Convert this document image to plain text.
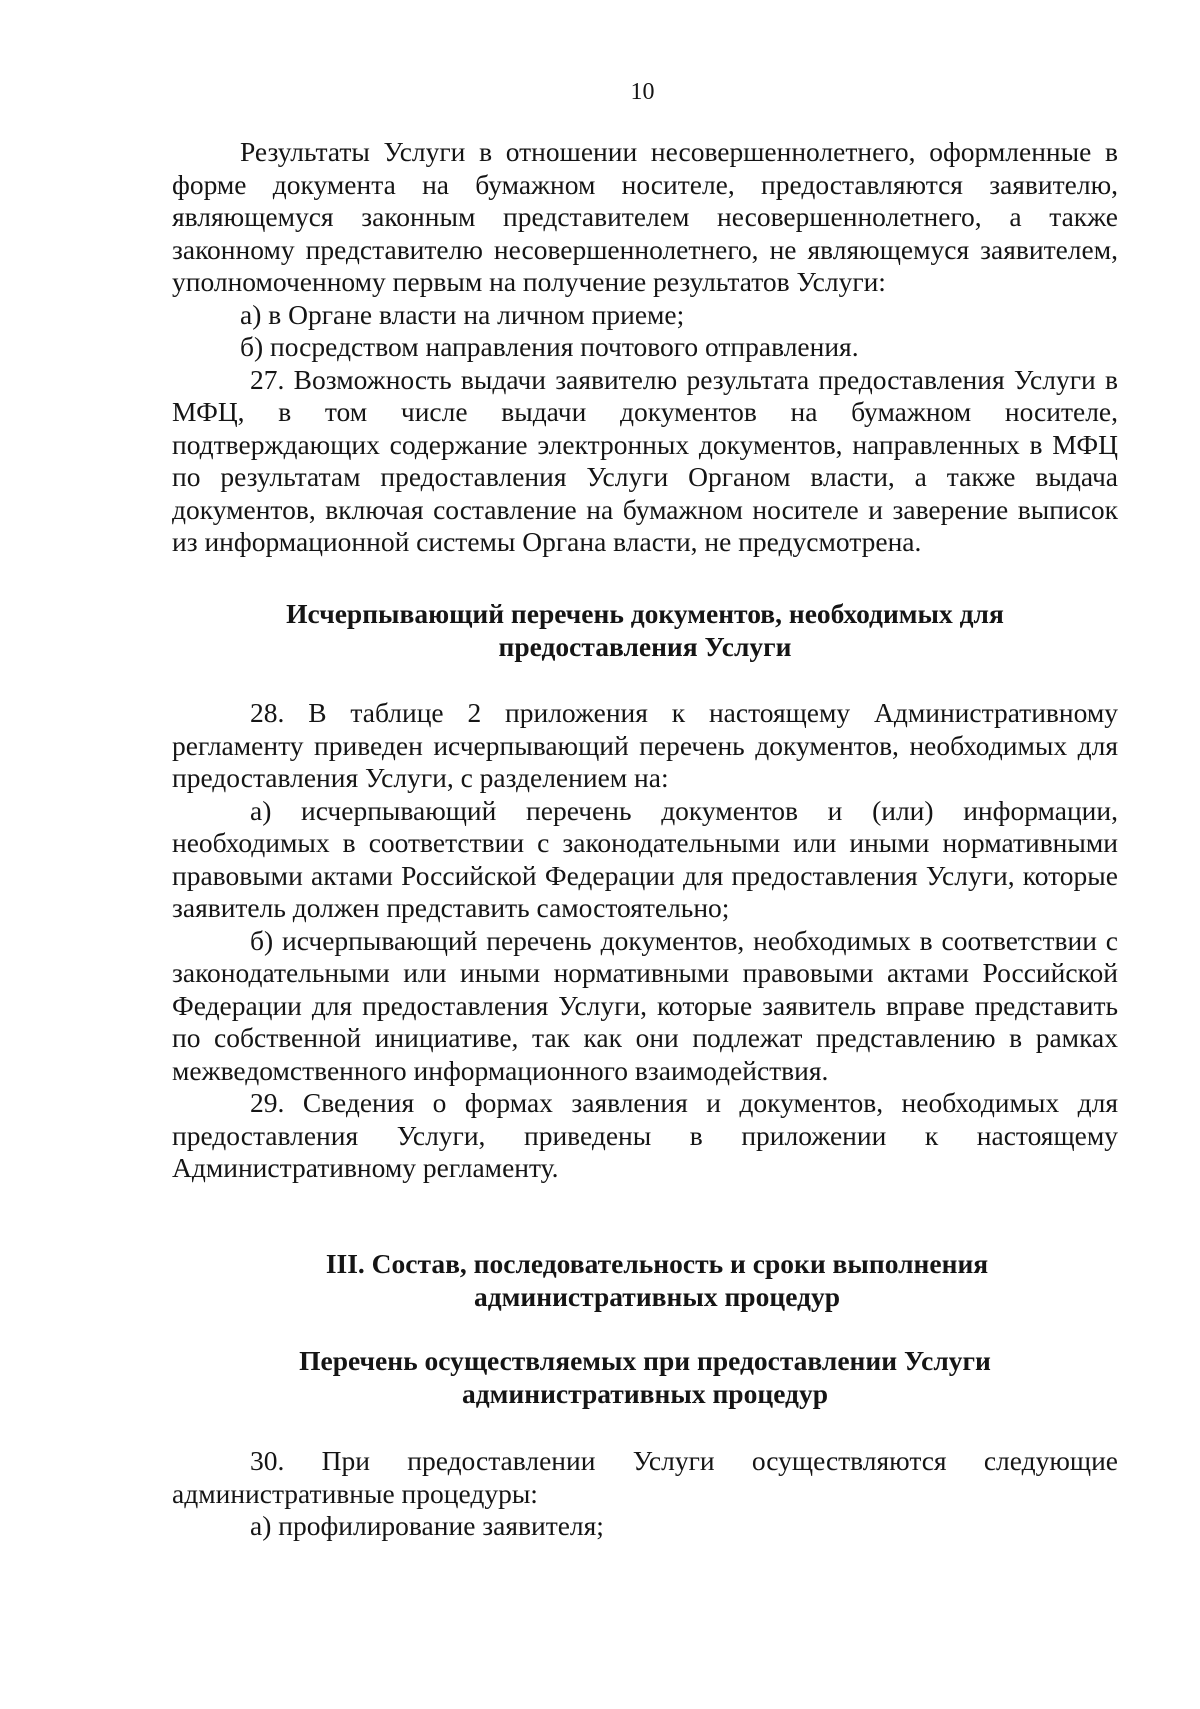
10

Результаты Услуги в отношении несовершеннолетнего, оформленные в форме документа на бумажном носителе, предоставляются заявителю, являющемуся законным представителем несовершеннолетнего, а также законному представителю несовершеннолетнего, не являющемуся заявителем, уполномоченному первым на получение результатов Услуги:

а) в Органе власти на личном приеме;

б) посредством направления почтового отправления.

27. Возможность выдачи заявителю результата предоставления Услуги в МФЦ, в том числе выдачи документов на бумажном носителе, подтверждающих содержание электронных документов, направленных в МФЦ по результатам предоставления Услуги Органом власти, а также выдача документов, включая составление на бумажном носителе и заверение выписок из информационной системы Органа власти, не предусмотрена.

Исчерпывающий перечень документов, необходимых для
предоставления Услуги

28. В таблице 2 приложения к настоящему Административному регламенту приведен исчерпывающий перечень документов, необходимых для предоставления Услуги, с разделением на:

а) исчерпывающий перечень документов и (или) информации, необходимых в соответствии с законодательными или иными нормативными правовыми актами Российской Федерации для предоставления Услуги, которые заявитель должен представить самостоятельно;

б) исчерпывающий перечень документов, необходимых в соответствии с законодательными или иными нормативными правовыми актами Российской Федерации для предоставления Услуги, которые заявитель вправе представить по собственной инициативе, так как они подлежат представлению в рамках межведомственного информационного взаимодействия.

29. Сведения о формах заявления и документов, необходимых для предоставления Услуги, приведены в приложении к настоящему Административному регламенту.

III. Состав, последовательность и сроки выполнения
административных процедур
Перечень осуществляемых при предоставлении Услуги
административных процедур

30. При предоставлении Услуги осуществляются следующие административные процедуры:

а) профилирование заявителя;
